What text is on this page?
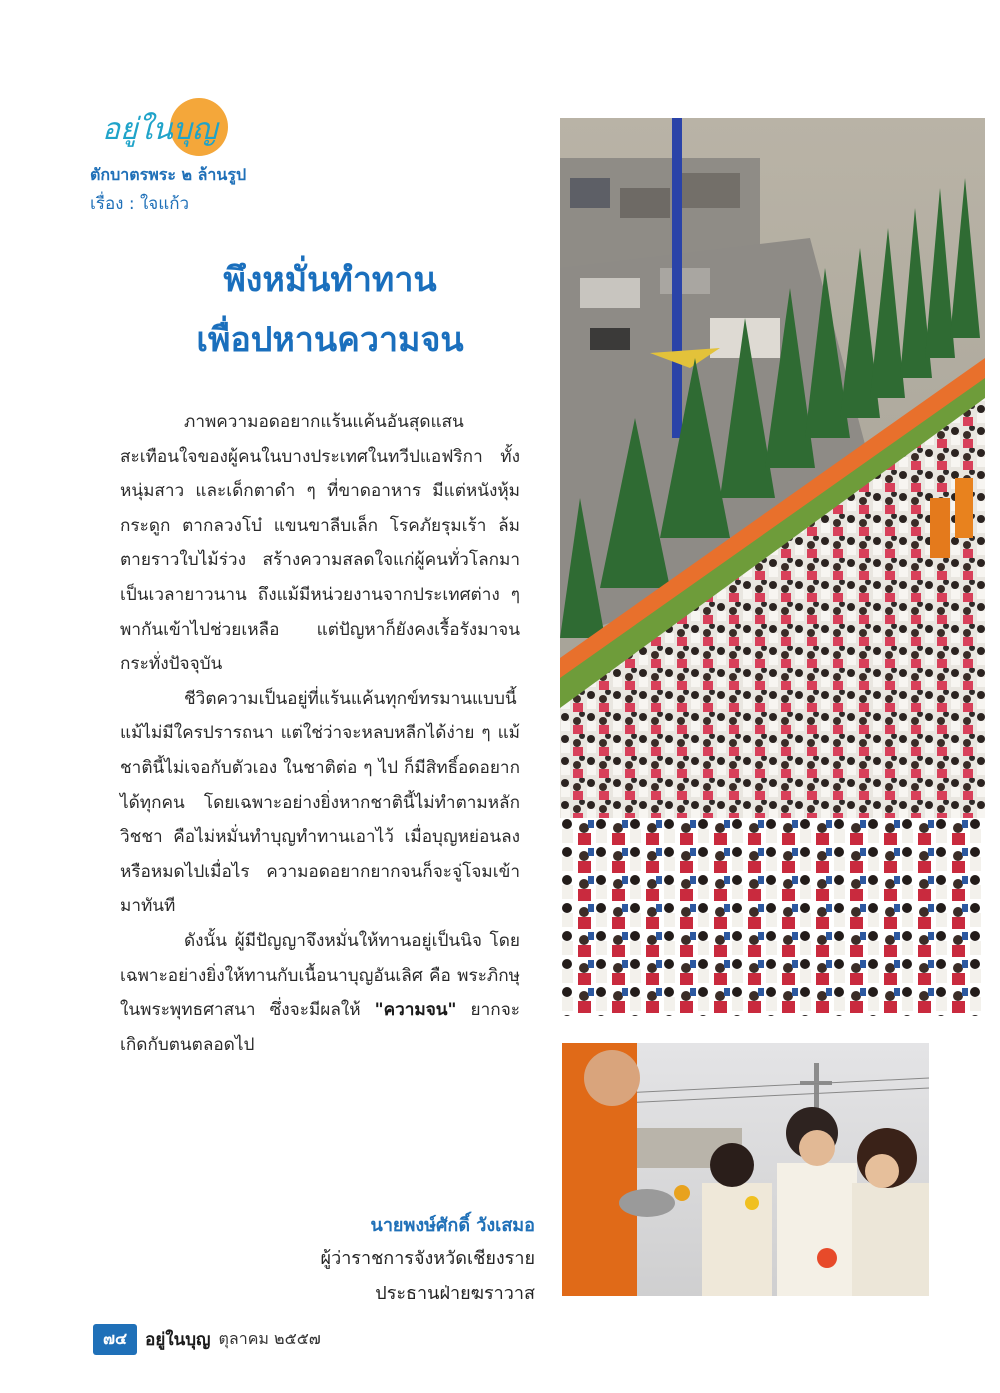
อยู่ในบุญ
ตักบาตรพระ ๒ ล้านรูป
เรื่อง : ใจแก้ว
พึงหมั่นทำทาน
เพื่อปหานความจน

ภาพความอดอยากแร้นแค้นอันสุดแสนสะเทือนใจของผู้คนในบางประเทศในทวีปแอฟริกา ทั้งหนุ่มสาว และเด็กตาดำ ๆ ที่ขาดอาหาร มีแต่หนังหุ้มกระดูก ตากลวงโบ๋ แขนขาลีบเล็ก โรคภัยรุมเร้า ล้มตายราวใบไม้ร่วง สร้างความสลดใจแก่ผู้คนทั่วโลกมาเป็นเวลายาวนาน ถึงแม้มีหน่วยงานจากประเทศต่าง ๆ พากันเข้าไปช่วยเหลือ แต่ปัญหาก็ยังคงเรื้อรังมาจนกระทั่งปัจจุบัน

ชีวิตความเป็นอยู่ที่แร้นแค้นทุกข์ทรมานแบบนี้ แม้ไม่มีใครปรารถนา แต่ใช่ว่าจะหลบหลีกได้ง่าย ๆ แม้ชาตินี้ไม่เจอกับตัวเอง ในชาติต่อ ๆ ไป ก็มีสิทธิ์อดอยากได้ทุกคน โดยเฉพาะอย่างยิ่งหากชาตินี้ไม่ทำตามหลักวิชชา คือไม่หมั่นทำบุญทำทานเอาไว้ เมื่อบุญหย่อนลงหรือหมดไปเมื่อไร ความอดอยากยากจนก็จะจู่โจมเข้ามาทันที

ดังนั้น ผู้มีปัญญาจึงหมั่นให้ทานอยู่เป็นนิจ โดยเฉพาะอย่างยิ่งให้ทานกับเนื้อนาบุญอันเลิศ คือ พระภิกษุในพระพุทธศาสนา ซึ่งจะมีผลให้ "ความจน" ยากจะเกิดกับตนตลอดไป

นายพงษ์ศักดิ์ วังเสมอ
ผู้ว่าราชการจังหวัดเชียงราย
ประธานฝ่ายฆราวาส
๗๔	อยู่ในบุญ ตุลาคม ๒๕๕๗
